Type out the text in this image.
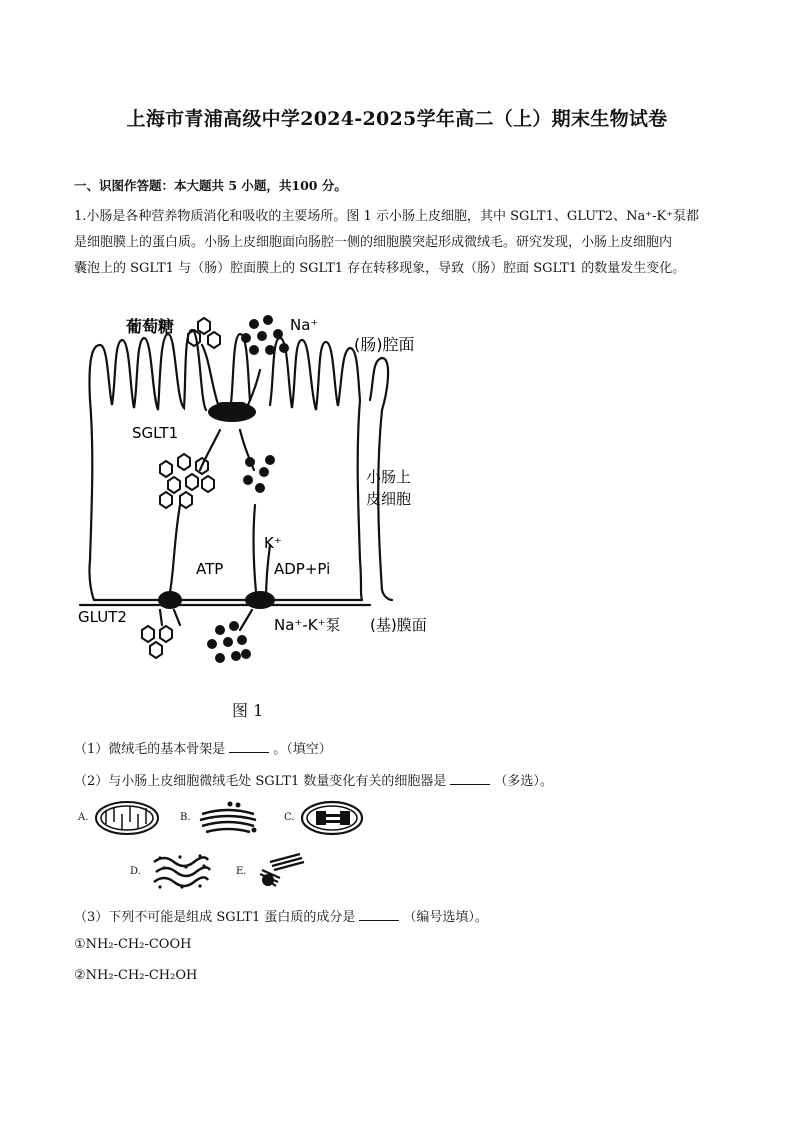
上海市青浦高级中学2024-2025学年高二（上）期末生物试卷
一、识图作答题：本大题共 5 小题，共100 分。
1.小肠是各种营养物质消化和吸收的主要场所。图 1 示小肠上皮细胞，其中 SGLT1、GLUT2、Na⁺-K⁺泵都
是细胞膜上的蛋白质。小肠上皮细胞面向肠腔一侧的细胞膜突起形成微绒毛。研究发现，小肠上皮细胞内
囊泡上的 SGLT1 与（肠）腔面膜上的 SGLT1 存在转移现象，导致（肠）腔面 SGLT1 的数量发生变化。
葡萄糖	Na⁺
(肠)腔面
SGLT1
小肠上
皮细胞
K⁺
ATP	ADP+Pi
GLUT2	Na⁺-K⁺泵 (基)膜面
图 1
（1）微绒毛的基本骨架是	。（填空）
（2）与小肠上皮细胞微绒毛处 SGLT1 数量变化有关的细胞器是	（多选）。
A.	B.	C.
D.	E.
（3）下列不可能是组成 SGLT1 蛋白质的成分是	（编号选填）。
①NH₂-CH₂-COOH
②NH₂-CH₂-CH₂OH
